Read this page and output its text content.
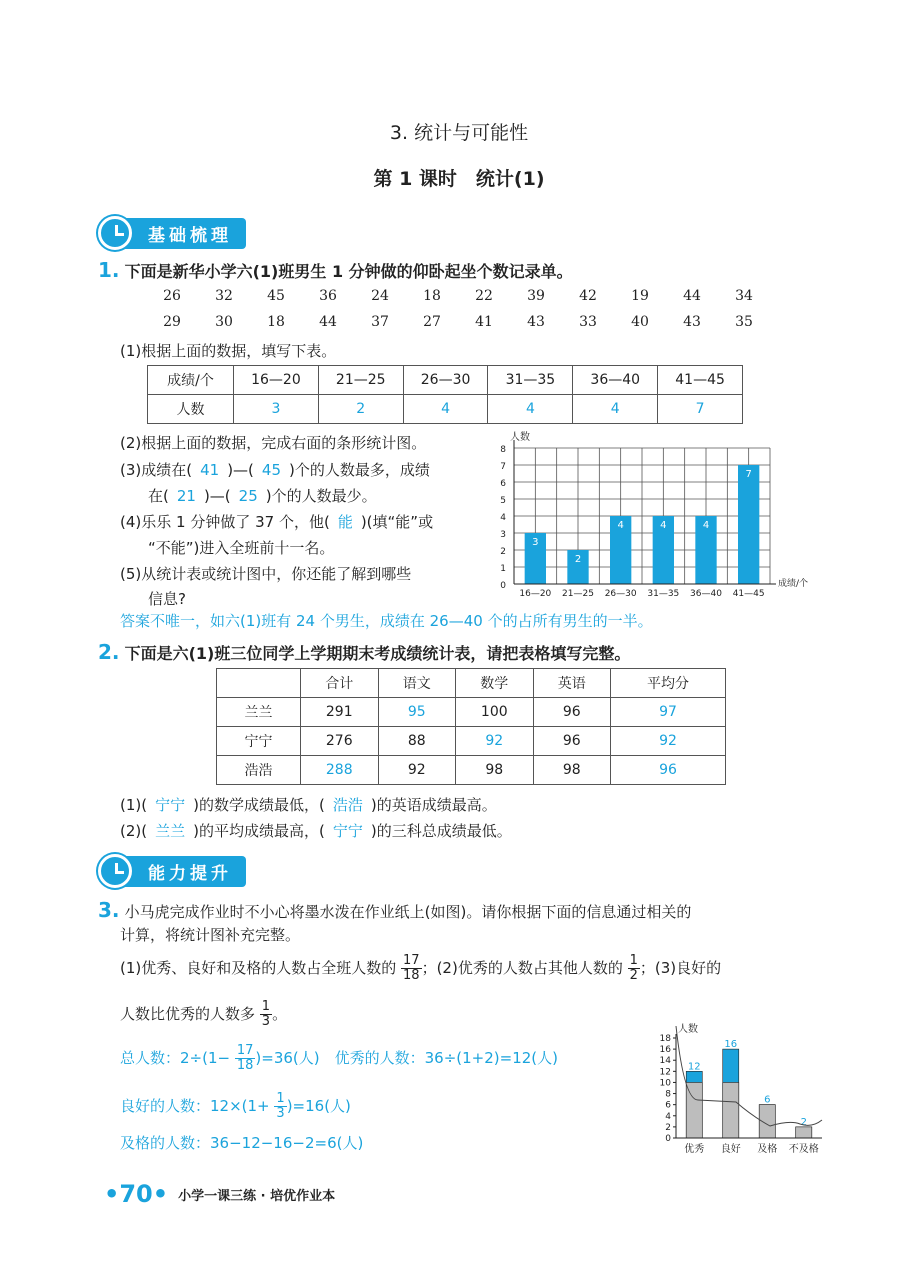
3. 统计与可能性
第 1 课时　统计(1)
基础梳理
1. 下面是新华小学六(1)班男生 1 分钟做的仰卧起坐个数记录单。
26	32	45	36	24	18	22	39	42	19	44	34
29	30	18	44	37	27	41	43	33	40	43	35
(1)根据上面的数据，填写下表。
成绩/个	16—20	21—25	26—30	31—35	36—40	41—45
人数	3	2	4	4	4	7
(2)根据上面的数据，完成右面的条形统计图。
(3)成绩在( 41 )—( 45 )个的人数最多，成绩
在( 21 )—( 25 )个的人数最少。
(4)乐乐 1 分钟做了 37 个，他( 能 )(填“能”或
“不能”)进入全班前十一名。
(5)从统计表或统计图中，你还能了解到哪些
信息?
答案不唯一，如六(1)班有 24 个男生，成绩在 26—40 个的占所有男生的一半。
人数
0
1
2
3
4
5
6
7
8
3
16—20
2
21—25
4
26—30
4
31—35
4
36—40
7
41—45
成绩/个
2. 下面是六(1)班三位同学上学期期末考成绩统计表，请把表格填写完整。
	合计	语文	数学	英语	平均分
兰兰	291	95	100	96	97
宁宁	276	88	92	96	92
浩浩	288	92	98	98	96
(1)( 宁宁 )的数学成绩最低，( 浩浩 )的英语成绩最高。
(2)( 兰兰 )的平均成绩最高，( 宁宁 )的三科总成绩最低。
能力提升
3. 小马虎完成作业时不小心将墨水泼在作业纸上(如图)。请你根据下面的信息通过相关的
计算，将统计图补充完整。
(1)优秀、良好和及格的人数占全班人数的 $\frac{17}{18}$ ；(2)优秀的人数占其他人数的 $\frac{1}{2}$ ；(3)良好的
人数比优秀的人数多 $\frac{1}{3}$ 。
总人数：$2\div(1- \frac{17}{18} )=36$(人)　优秀的人数：36÷(1+2)=12(人)
良好的人数：$12\times(1+ \frac{1}{3} )=16$(人)
及格的人数：36−12−16−2=6(人)
人数
0
2
4
6
8
10
12
14
16
18
12
优秀
16
良好
6
及格
2
不及格
•70• 小学一课三练 · 培优作业本
